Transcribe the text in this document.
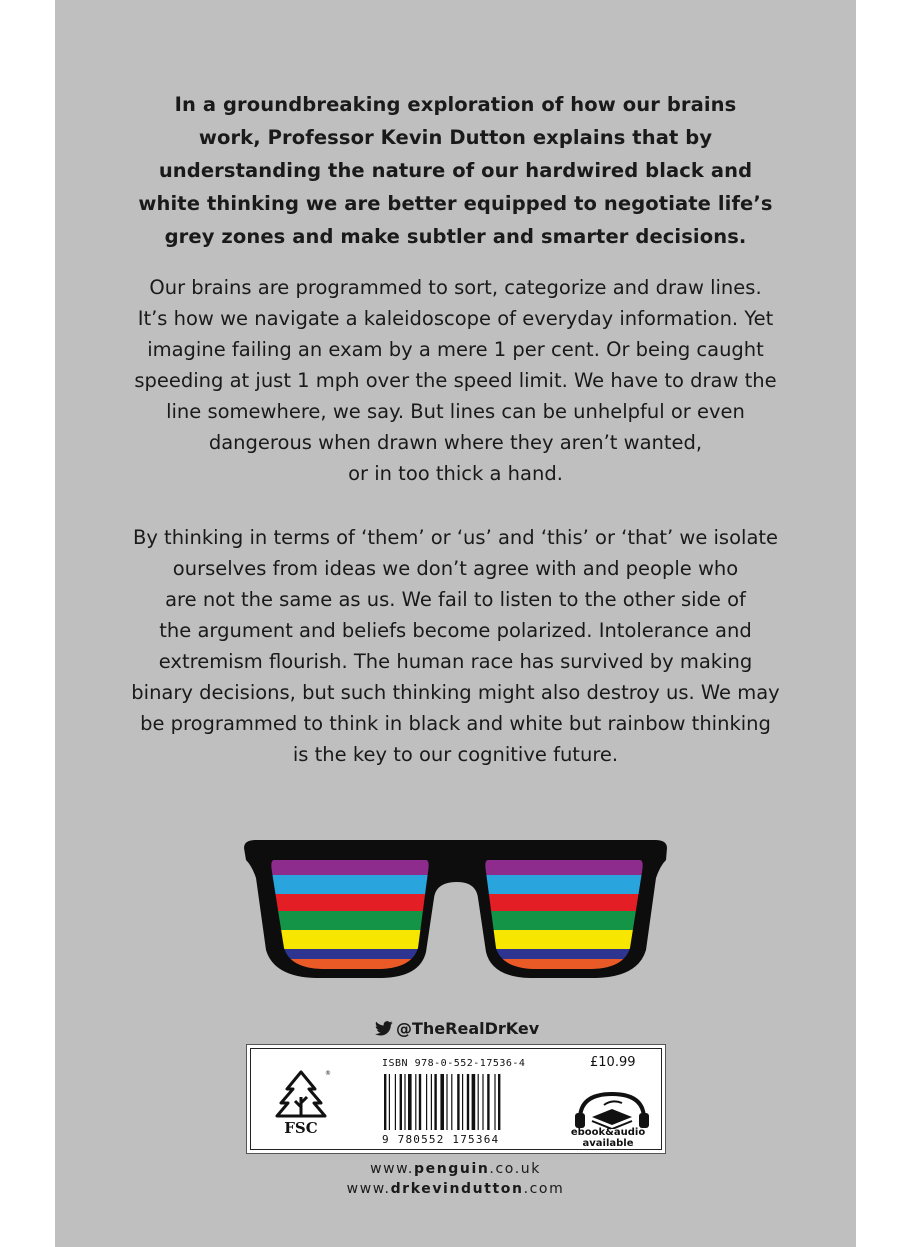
In a groundbreaking exploration of how our brains
work, Professor Kevin Dutton explains that by
understanding the nature of our hardwired black and
white thinking we are better equipped to negotiate life’s
grey zones and make subtler and smarter decisions.

Our brains are programmed to sort, categorize and draw lines.
It’s how we navigate a kaleidoscope of everyday information. Yet
imagine failing an exam by a mere 1 per cent. Or being caught
speeding at just 1 mph over the speed limit. We have to draw the
line somewhere, we say. But lines can be unhelpful or even
dangerous when drawn where they aren’t wanted,
or in too thick a hand.

By thinking in terms of ‘them’ or ‘us’ and ‘this’ or ‘that’ we isolate
ourselves from ideas we don’t agree with and people who
are not the same as us. We fail to listen to the other side of
the argument and beliefs become polarized. Intolerance and
extremism flourish. The human race has survived by making
binary decisions, but such thinking might also destroy us. We may
be programmed to think in black and white but rainbow thinking
is the key to our cognitive future.

@TheRealDrKev
®
FSC
ISBN 978-0-552-17536-4
9 780552 175364
£10.99
ebook&audio
available
www.penguin.co.uk
www.drkevindutton.com
